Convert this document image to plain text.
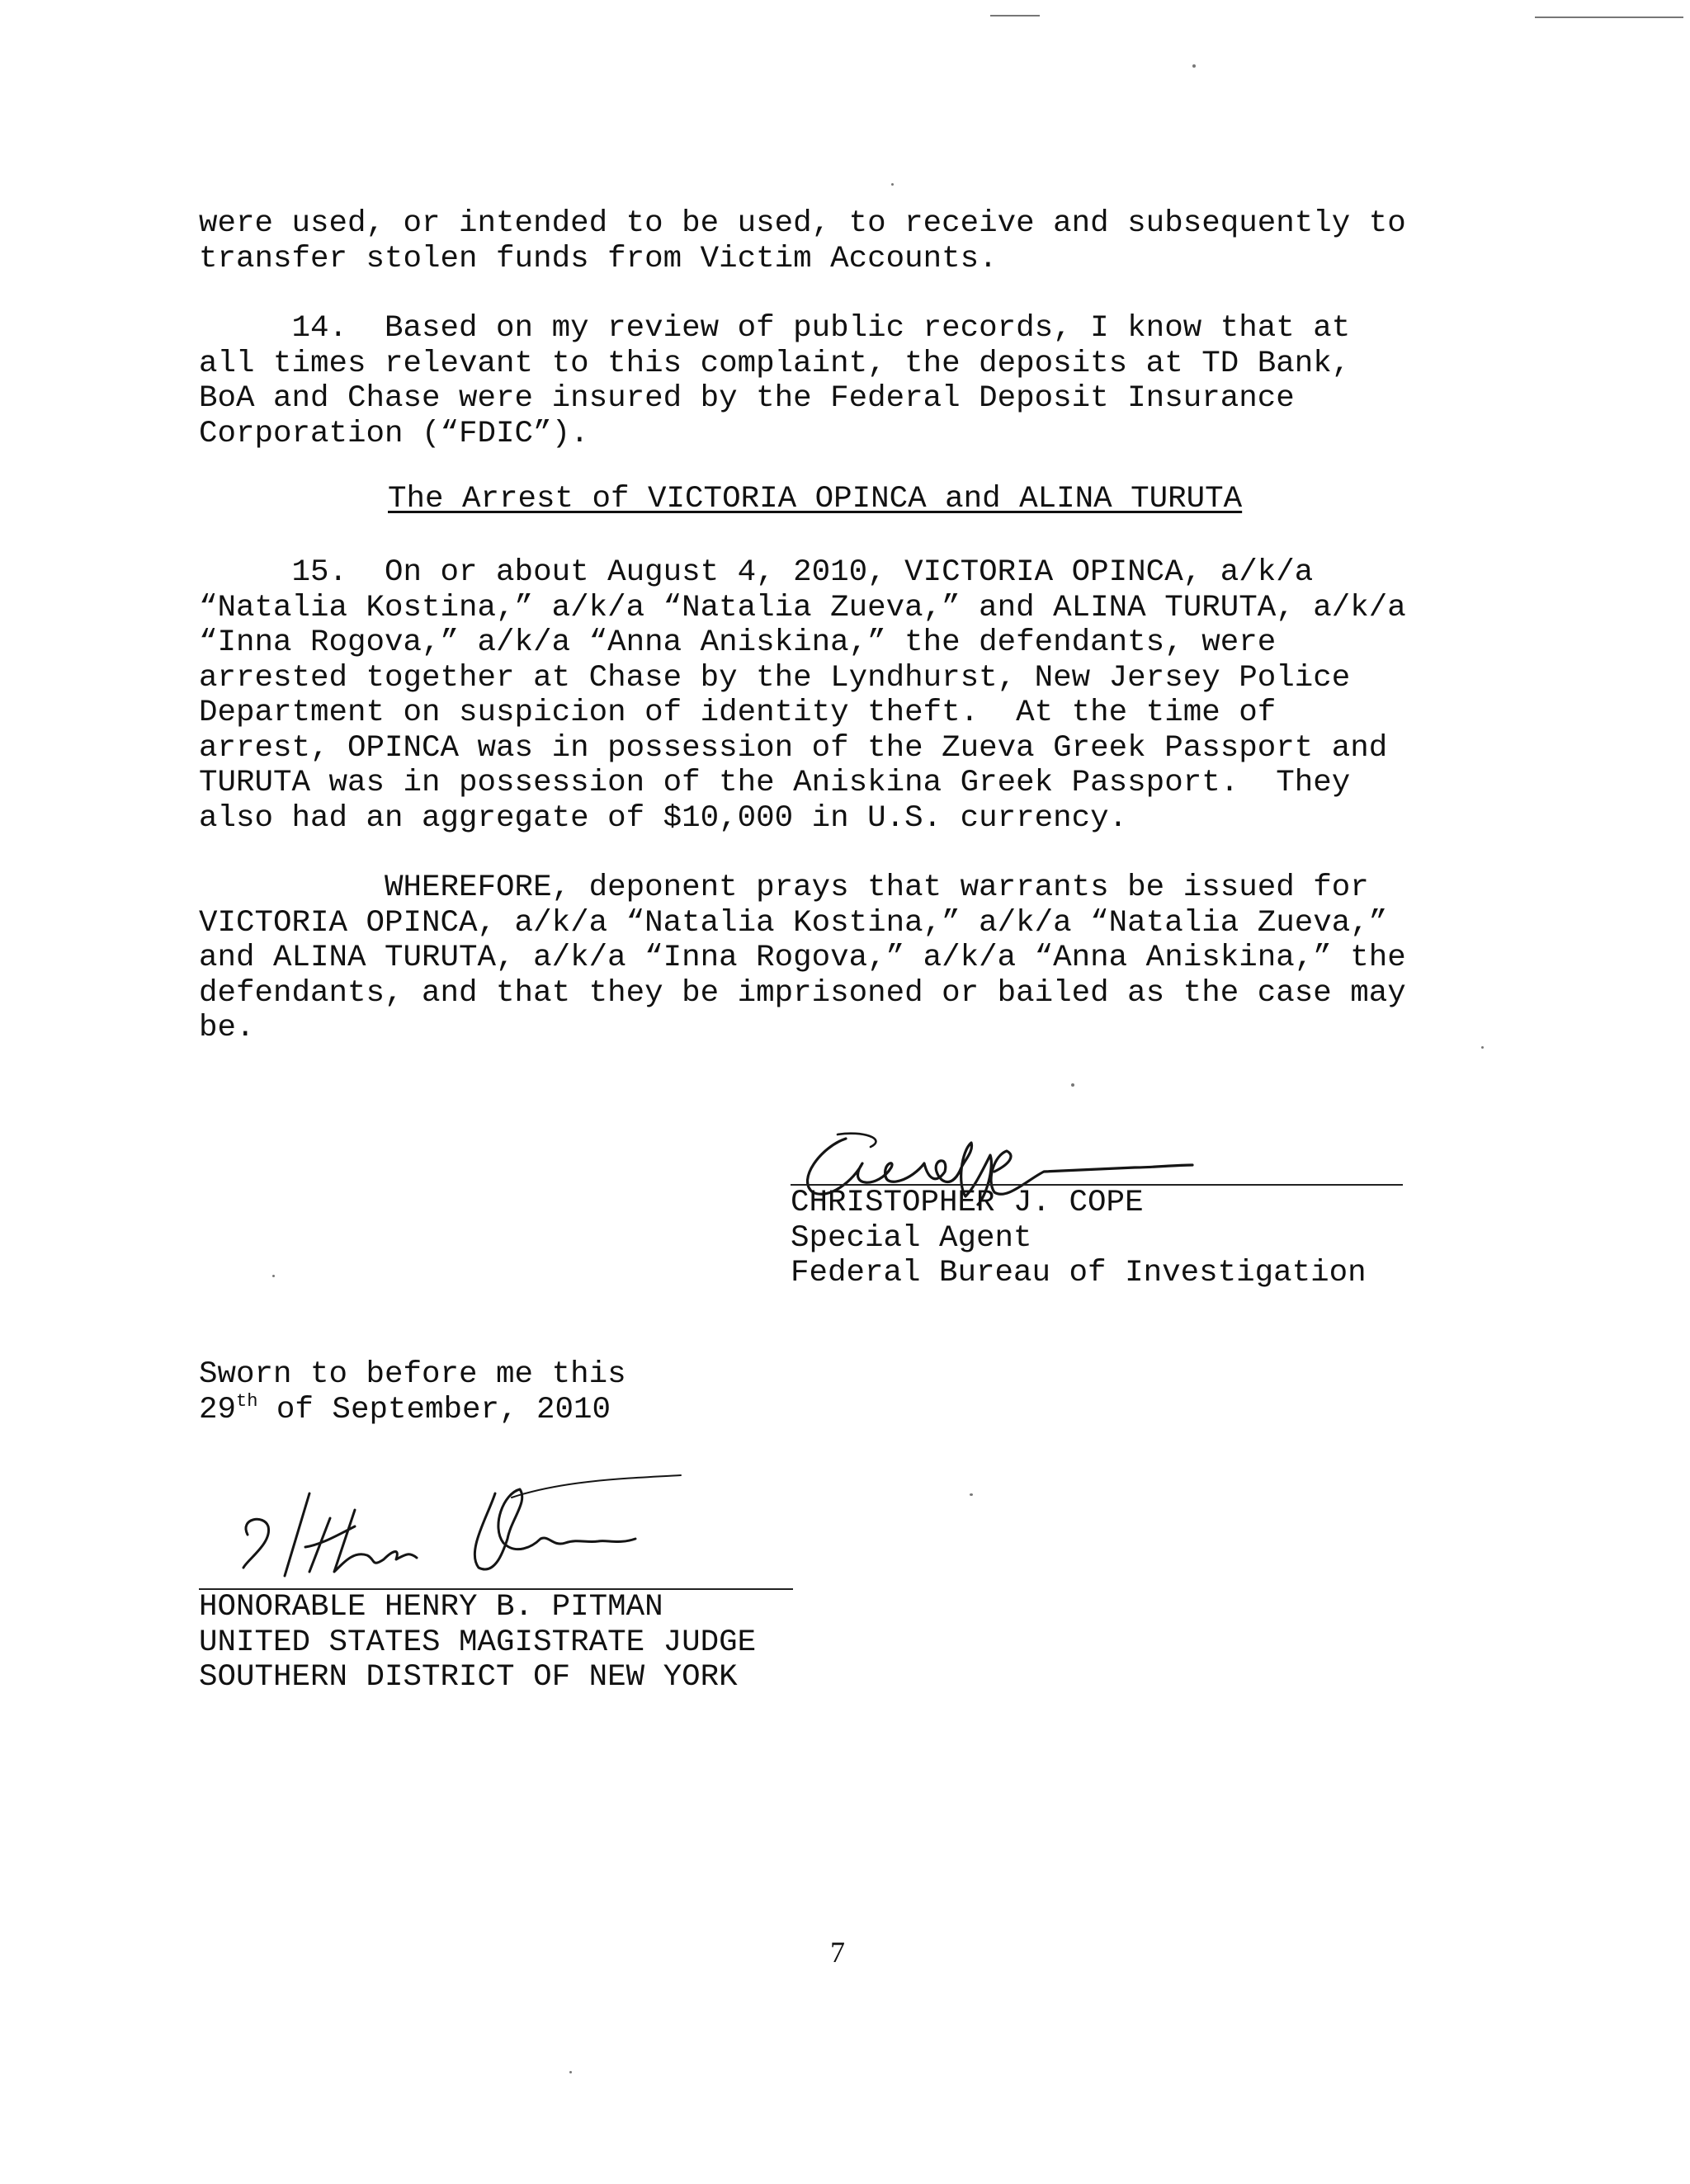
were used, or intended to be used, to receive and subsequently to
transfer stolen funds from Victim Accounts.
14.  Based on my review of public records, I know that at
all times relevant to this complaint, the deposits at TD Bank,
BoA and Chase were insured by the Federal Deposit Insurance
Corporation (“FDIC”).
The Arrest of VICTORIA OPINCA and ALINA TURUTA
15.  On or about August 4, 2010, VICTORIA OPINCA, a/k/a
“Natalia Kostina,” a/k/a “Natalia Zueva,” and ALINA TURUTA, a/k/a
“Inna Rogova,” a/k/a “Anna Aniskina,” the defendants, were
arrested together at Chase by the Lyndhurst, New Jersey Police
Department on suspicion of identity theft.  At the time of
arrest, OPINCA was in possession of the Zueva Greek Passport and
TURUTA was in possession of the Aniskina Greek Passport.  They
also had an aggregate of $10,000 in U.S. currency.
WHEREFORE, deponent prays that warrants be issued for
VICTORIA OPINCA, a/k/a “Natalia Kostina,” a/k/a “Natalia Zueva,”
and ALINA TURUTA, a/k/a “Inna Rogova,” a/k/a “Anna Aniskina,” the
defendants, and that they be imprisoned or bailed as the case may
be.
CHRISTOPHER J. COPE
Special Agent
Federal Bureau of Investigation
Sworn to before me this
29th of September, 2010
HONORABLE HENRY B. PITMAN
UNITED STATES MAGISTRATE JUDGE
SOUTHERN DISTRICT OF NEW YORK
7
